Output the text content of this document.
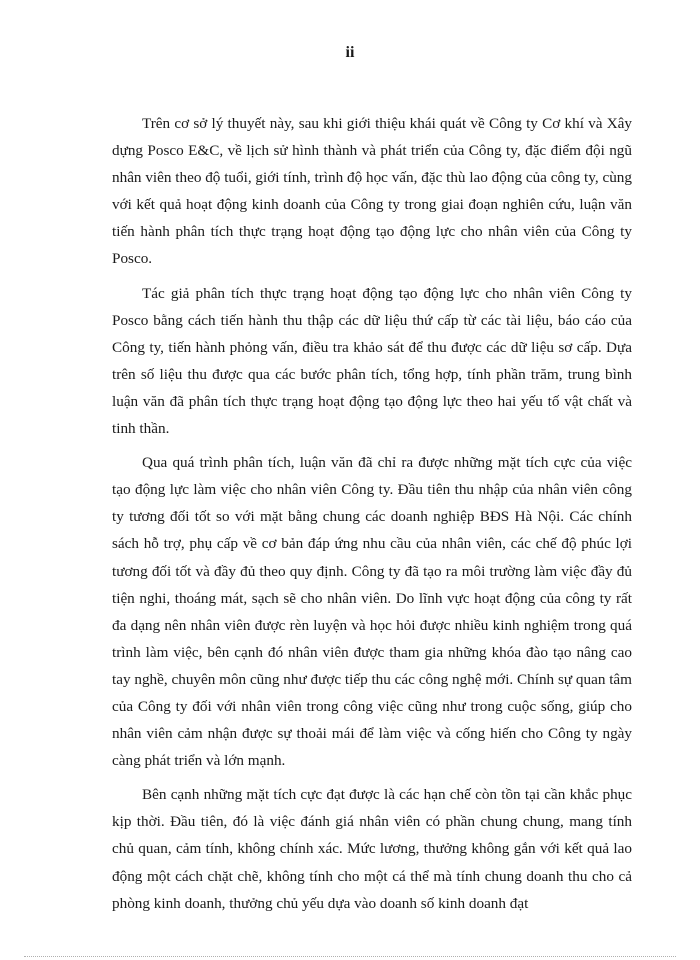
ii

Trên cơ sở lý thuyết này, sau khi giới thiệu khái quát về Công ty Cơ khí và Xây dựng Posco E&C, về lịch sử hình thành và phát triển của Công ty, đặc điểm đội ngũ nhân viên theo độ tuổi, giới tính, trình độ học vấn, đặc thù lao động của công ty, cùng với kết quả hoạt động kinh doanh của Công ty trong giai đoạn nghiên cứu, luận văn tiến hành phân tích thực trạng hoạt động tạo động lực cho nhân viên của Công ty Posco.

Tác giả phân tích thực trạng hoạt động tạo động lực cho nhân viên Công ty Posco bằng cách tiến hành thu thập các dữ liệu thứ cấp từ các tài liệu, báo cáo của Công ty, tiến hành phỏng vấn, điều tra khảo sát để thu được các dữ liệu sơ cấp. Dựa trên số liệu thu được qua các bước phân tích, tổng hợp, tính phần trăm, trung bình luận văn đã phân tích thực trạng hoạt động tạo động lực theo hai yếu tố vật chất và tinh thần.

Qua quá trình phân tích, luận văn đã chỉ ra được những mặt tích cực của việc tạo động lực làm việc cho nhân viên Công ty. Đầu tiên thu nhập của nhân viên công ty tương đối tốt so với mặt bằng chung các doanh nghiệp BĐS Hà Nội. Các chính sách hỗ trợ, phụ cấp về cơ bản đáp ứng nhu cầu của nhân viên, các chế độ phúc lợi tương đối tốt và đầy đủ theo quy định. Công ty đã tạo ra môi trường làm việc đầy đủ tiện nghi, thoáng mát, sạch sẽ cho nhân viên. Do lĩnh vực hoạt động của công ty rất đa dạng nên nhân viên được rèn luyện và học hỏi được nhiều kinh nghiệm trong quá trình làm việc, bên cạnh đó nhân viên được tham gia những khóa đào tạo nâng cao tay nghề, chuyên môn cũng như được tiếp thu các công nghệ mới. Chính sự quan tâm của Công ty đối với nhân viên trong công việc cũng như trong cuộc sống, giúp cho nhân viên cảm nhận được sự thoải mái để làm việc và cống hiến cho Công ty ngày càng phát triển và lớn mạnh.

Bên cạnh những mặt tích cực đạt được là các hạn chế còn tồn tại cần khắc phục kịp thời. Đầu tiên, đó là việc đánh giá nhân viên có phần chung chung, mang tính chủ quan, cảm tính, không chính xác. Mức lương, thưởng không gắn với kết quả lao động một cách chặt chẽ, không tính cho một cá thể mà tính chung doanh thu cho cả phòng kinh doanh, thưởng chủ yếu dựa vào doanh số kinh doanh đạt
